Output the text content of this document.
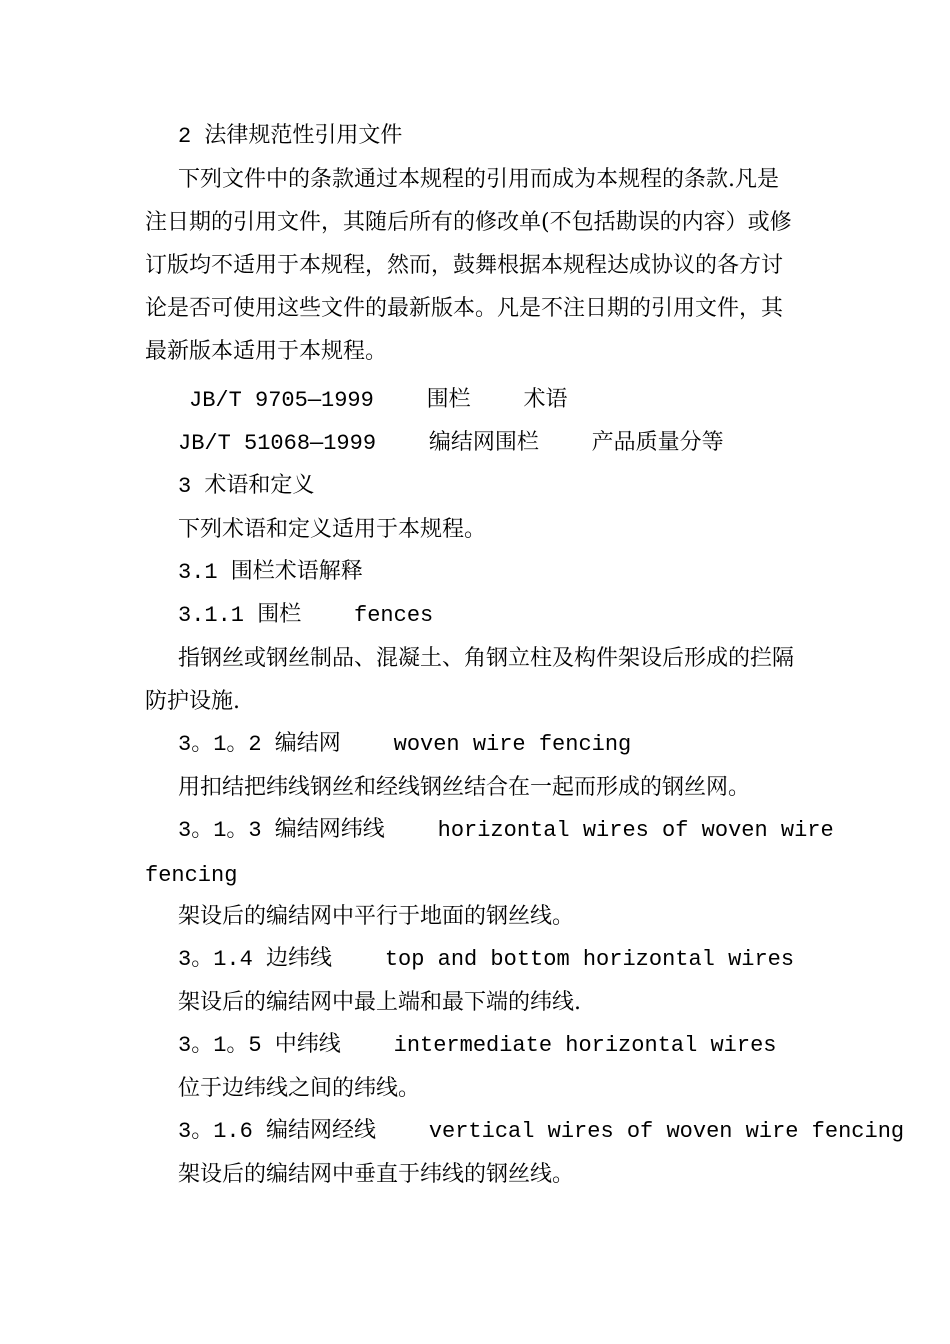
2 法律规范性引用文件
下列文件中的条款通过本规程的引用而成为本规程的条款.凡是
注日期的引用文件，其随后所有的修改单(不包括勘误的内容）或修
订版均不适用于本规程，然而，鼓舞根据本规程达成协议的各方讨
论是否可使用这些文件的最新版本。凡是不注日期的引用文件，其
最新版本适用于本规程。
JB/T 9705—1999    围栏    术语
JB/T 51068—1999    编结网围栏    产品质量分等
3 术语和定义
下列术语和定义适用于本规程。
3.1 围栏术语解释
3.1.1 围栏    fences
指钢丝或钢丝制品、混凝土、角钢立柱及构件架设后形成的拦隔
防护设施.
3。1。2 编结网    woven wire fencing
用扣结把纬线钢丝和经线钢丝结合在一起而形成的钢丝网。
3。1。3 编结网纬线    horizontal wires of woven wire
fencing
架设后的编结网中平行于地面的钢丝线。
3。1.4 边纬线    top and bottom horizontal wires
架设后的编结网中最上端和最下端的纬线.
3。1。5 中纬线    intermediate horizontal wires
位于边纬线之间的纬线。
3。1.6 编结网经线    vertical wires of woven wire fencing
架设后的编结网中垂直于纬线的钢丝线。
